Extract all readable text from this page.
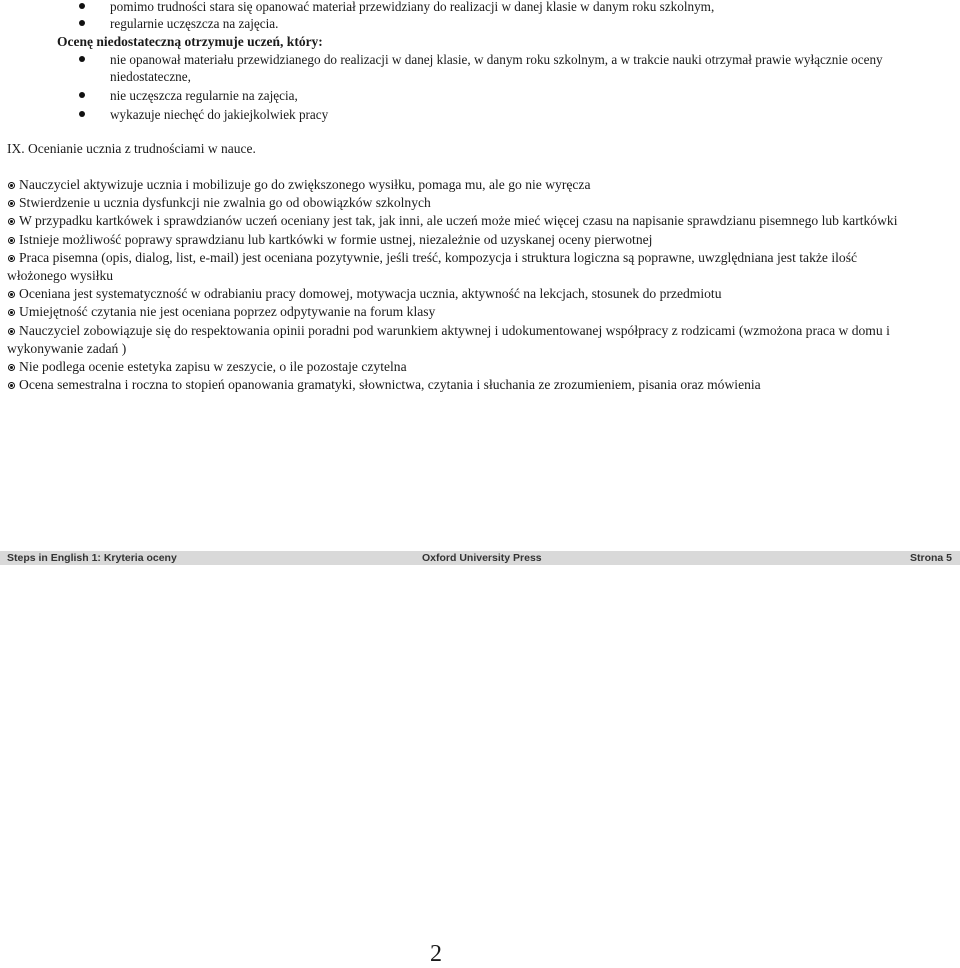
pomimo trudności stara się opanować materiał przewidziany do realizacji w danej klasie w danym roku szkolnym,
regularnie uczęszcza na zajęcia.
Ocenę niedostateczną otrzymuje uczeń, który:
nie opanował materiału przewidzianego do realizacji w danej klasie, w danym roku szkolnym, a w trakcie nauki otrzymał prawie wyłącznie oceny niedostateczne,
nie uczęszcza regularnie na zajęcia,
wykazuje niechęć do jakiejkolwiek pracy
IX. Ocenianie ucznia z trudnościami w nauce.
Nauczyciel aktywizuje ucznia i mobilizuje go do zwiększonego wysiłku, pomaga mu, ale go nie wyręcza
Stwierdzenie u ucznia dysfunkcji nie zwalnia go od obowiązków szkolnych
W przypadku kartkówek i sprawdzianów uczeń oceniany jest tak, jak inni, ale uczeń może mieć więcej czasu na napisanie sprawdzianu pisemnego lub kartkówki
Istnieje możliwość poprawy sprawdzianu lub kartkówki w formie ustnej, niezależnie od uzyskanej oceny pierwotnej
Praca pisemna (opis, dialog, list, e-mail) jest oceniana pozytywnie, jeśli treść, kompozycja i struktura logiczna są poprawne, uwzględniana jest także ilość włożonego wysiłku
Oceniana jest systematyczność w odrabianiu pracy domowej, motywacja ucznia, aktywność na lekcjach, stosunek do przedmiotu
Umiejętność czytania nie jest oceniana poprzez odpytywanie na forum klasy
Nauczyciel zobowiązuje się do respektowania opinii poradni pod warunkiem aktywnej i udokumentowanej współpracy z rodzicami (wzmożona praca w domu i wykonywanie zadań )
Nie podlega ocenie estetyka zapisu w zeszycie, o ile pozostaje czytelna
Ocena semestralna i roczna to stopień opanowania gramatyki, słownictwa, czytania i słuchania ze zrozumieniem, pisania oraz mówienia
Steps in English 1: Kryteria oceny	Oxford University Press	Strona 5
2
